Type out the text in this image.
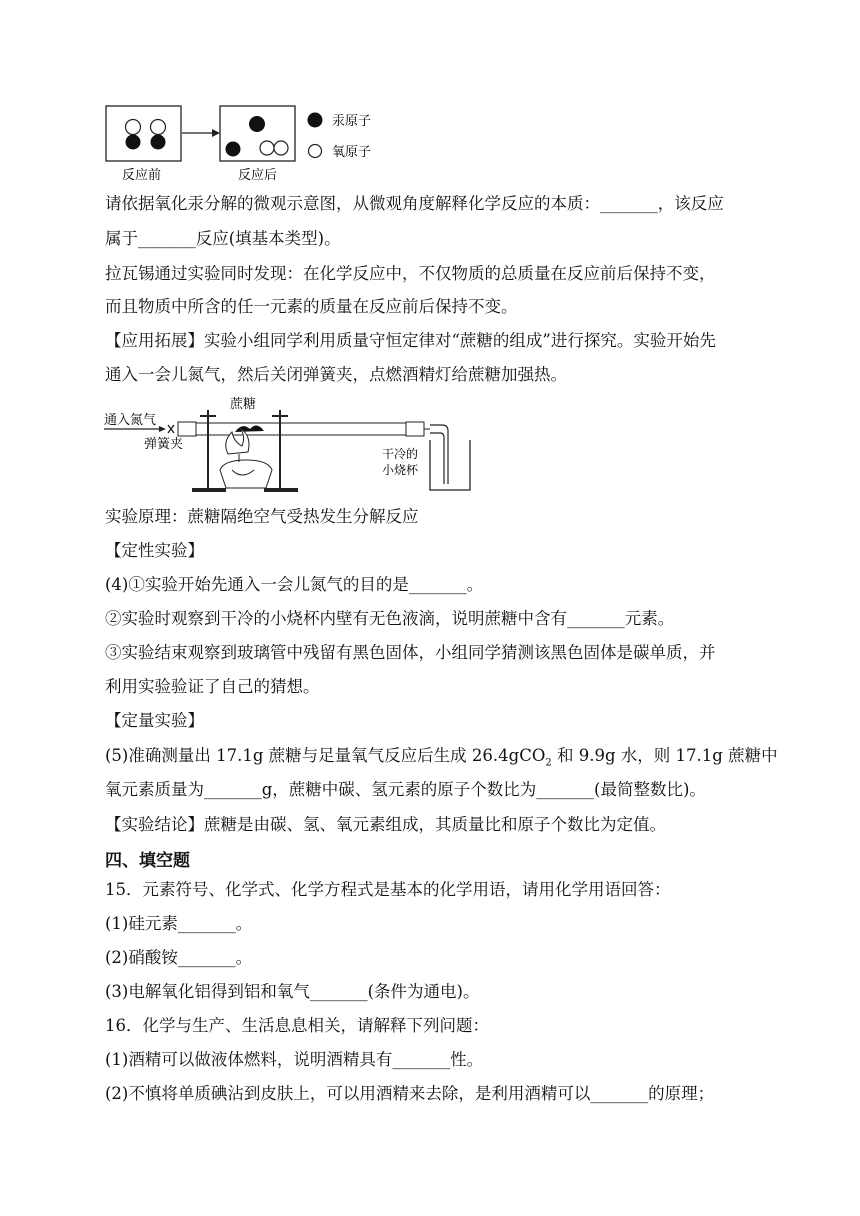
反应前	反应后
汞原子
氧原子
请依据氧化汞分解的微观示意图，从微观角度解释化学反应的本质：_______，该反应
属于_______反应(填基本类型)。
拉瓦锡通过实验同时发现：在化学反应中，不仅物质的总质量在反应前后保持不变，
而且物质中所含的任一元素的质量在反应前后保持不变。
【应用拓展】实验小组同学利用质量守恒定律对“蔗糖的组成”进行探究。实验开始先
通入一会儿氮气，然后关闭弹簧夹，点燃酒精灯给蔗糖加强热。
通入氮气
弹簧夹
蔗糖
干冷的
小烧杯
实验原理：蔗糖隔绝空气受热发生分解反应
【定性实验】
(4)①实验开始先通入一会儿氮气的目的是_______。
②实验时观察到干冷的小烧杯内壁有无色液滴，说明蔗糖中含有_______元素。
③实验结束观察到玻璃管中残留有黑色固体，小组同学猜测该黑色固体是碳单质，并
利用实验验证了自己的猜想。
【定量实验】
(5)准确测量出 17.1g 蔗糖与足量氧气反应后生成 26.4gCO$_2$ 和 9.9g 水，则 17.1g 蔗糖中
氧元素质量为_______g，蔗糖中碳、氢元素的原子个数比为_______(最简整数比)。
【实验结论】蔗糖是由碳、氢、氧元素组成，其质量比和原子个数比为定值。
四、填空题
15．元素符号、化学式、化学方程式是基本的化学用语，请用化学用语回答：
(1)硅元素_______。
(2)硝酸铵_______。
(3)电解氧化铝得到铝和氧气_______(条件为通电)。
16．化学与生产、生活息息相关，请解释下列问题：
(1)酒精可以做液体燃料，说明酒精具有_______性。
(2)不慎将单质碘沾到皮肤上，可以用酒精来去除，是利用酒精可以_______的原理；
